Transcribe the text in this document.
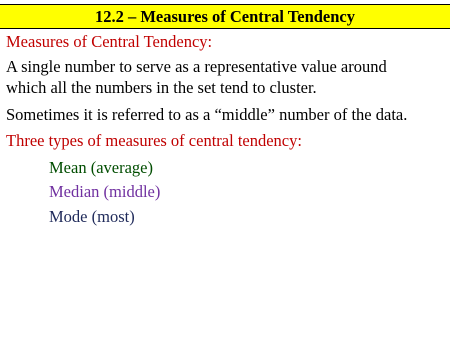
12.2 – Measures of Central Tendency
Measures of Central Tendency:
A single number to serve as a representative value around
which all the numbers in the set tend to cluster.
Sometimes it is referred to as a “middle” number of the data.
Three types of measures of central tendency:
Mean (average)
Median (middle)
Mode (most)
